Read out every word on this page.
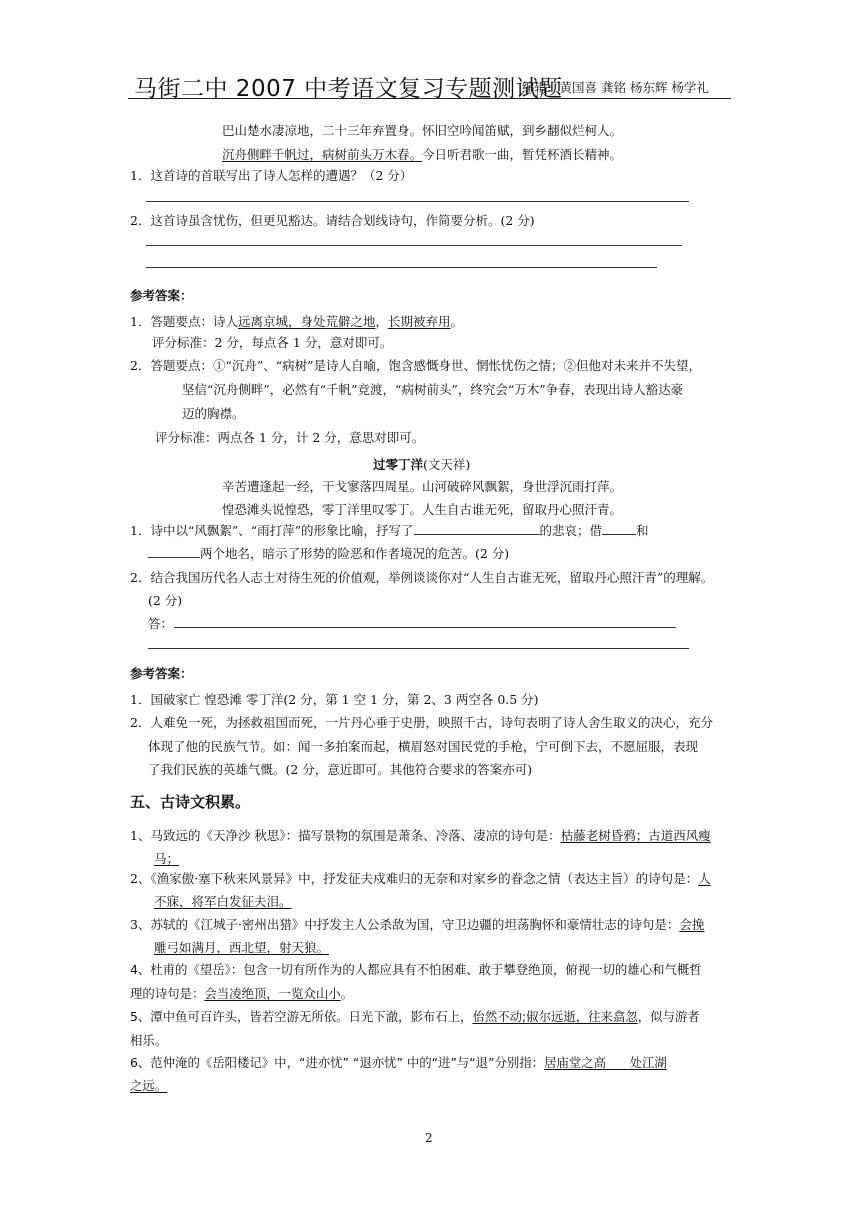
马街二中 2007 中考语文复习专题测试题
编辑：黄国喜 龚铭 杨东辉 杨学礼
巴山楚水凄凉地，二十三年弃置身。怀旧空吟闻笛赋，到乡翻似烂柯人。
沉舟侧畔千帆过，病树前头万木春。今日听君歌一曲，暂凭杯酒长精神。
1．这首诗的首联写出了诗人怎样的遭遇？（2 分）
2．这首诗虽含忧伤，但更见豁达。请结合划线诗句，作简要分析。(2 分)
参考答案：
1．答题要点：诗人远离京城，身处荒僻之地，长期被弃用。
评分标准：2 分，每点各 1 分，意对即可。
2．答题要点：①“沉舟”、“病树”是诗人自喻，饱含感慨身世、惘怅忧伤之情；②但他对未来并不失望，
坚信“沉舟侧畔”，必然有“千帆”竞渡，“病树前头”，终究会“万木”争春，表现出诗人豁达豪
迈的胸襟。
评分标准：两点各 1 分，计 2 分，意思对即可。
过零丁洋(文天祥)
辛苦遭逢起一经，干戈寥落四周星。山河破碎风飘絮，身世浮沉雨打萍。
惶恐滩头说惶恐，零丁洋里叹零丁。人生自古谁无死，留取丹心照汗青。
1．诗中以“风飘絮”、“雨打萍”的形象比喻，抒写了	的悲哀；借	和
两个地名，暗示了形势的险恶和作者境况的危苦。(2 分)
2．结合我国历代名人志士对待生死的价值观，举例谈谈你对“人生自古谁无死，留取丹心照汗青”的理解。
(2 分)
答：
参考答案：
1．国破家亡 惶恐滩 零丁洋(2 分，第 1 空 1 分，第 2、3 两空各 0.5 分)
2．人难免一死，为拯救祖国而死，一片丹心垂于史册，映照千古，诗句表明了诗人舍生取义的决心，充分
体现了他的民族气节。如：闻一多拍案而起，横眉怒对国民党的手枪，宁可倒下去，不愿屈服，表现
了我们民族的英雄气慨。(2 分，意近即可。其他符合要求的答案亦可)
五、古诗文积累。
1、马致远的《天净沙 秋思》：描写景物的氛围是萧条、冷落、凄凉的诗句是：枯藤老树昏鸦；古道西风瘦
马；
2、《渔家傲·塞下秋来风景异》中，抒发征夫戍难归的无奈和对家乡的眷念之情（表达主旨）的诗句是：人
不寐，将军白发征夫泪。
3、苏轼的《江城子·密州出猎》中抒发主人公杀敌为国，守卫边疆的坦荡胸怀和豪情壮志的诗句是：会挽
雕弓如满月，西北望，射天狼。
4、杜甫的《望岳》：包含一切有所作为的人都应具有不怕困难、敢于攀登绝顶，俯视一切的雄心和气概哲
理的诗句是：会当凌绝顶，一览众山小。
5、潭中鱼可百许头，皆若空游无所依。日光下澈，影布石上，佁然不动;俶尔远逝，往来翕忽，似与游者
相乐。
6、范仲淹的《岳阳楼记》中，“进亦忧” “退亦忧” 中的“进”与“退”分别指：居庙堂之高      处江湖
之远。
2
